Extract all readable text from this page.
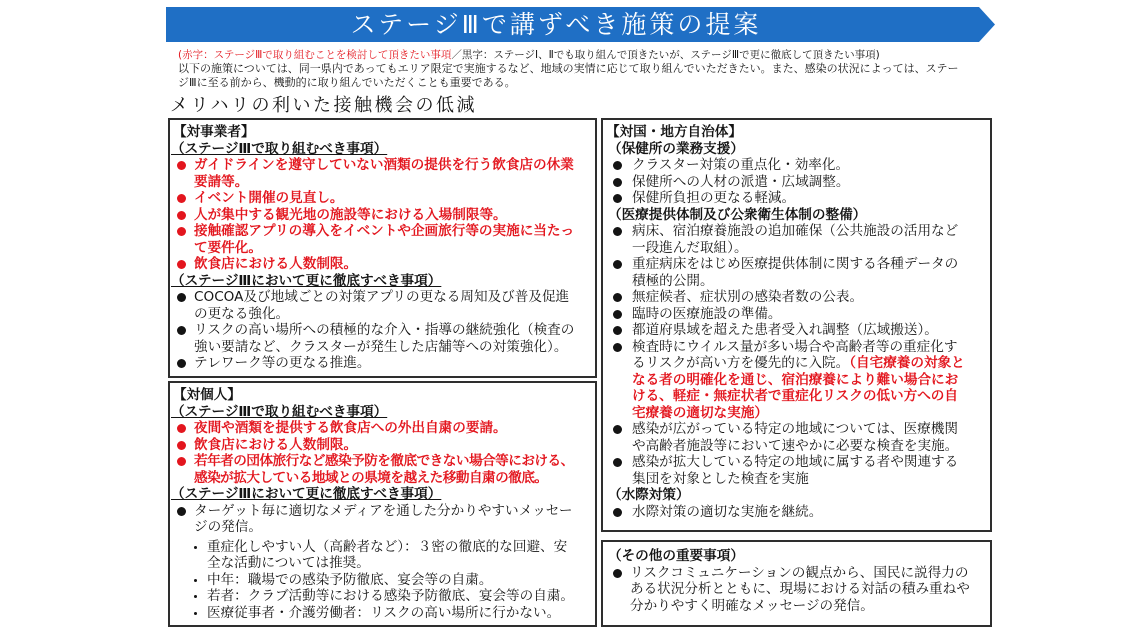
ステージⅢで講ずべき施策の提案
(赤字：ステージⅢで取り組むことを検討して頂きたい事項／黒字：ステージⅠ、Ⅱでも取り組んで頂きたいが、ステージⅢで更に徹底して頂きたい事項)
以下の施策については、同一県内であってもエリア限定で実施するなど、地域の実情に応じて取り組んでいただきたい。また、感染の状況によっては、ステージⅢに至る前から、機動的に取り組んでいただくことも重要である。
メリハリの利いた接触機会の低減
【対事業者】
（ステージⅢで取り組むべき事項）
ガイドラインを遵守していない酒類の提供を行う飲食店の休業要請等。
イベント開催の見直し。
人が集中する観光地の施設等における入場制限等。
接触確認アプリの導入をイベントや企画旅行等の実施に当たって要件化。
飲食店における人数制限。
（ステージⅢにおいて更に徹底すべき事項）
COCOA及び地域ごとの対策アプリの更なる周知及び普及促進の更なる強化。
リスクの高い場所への積極的な介入・指導の継続強化（検査の強い要請など、クラスターが発生した店舗等への対策強化）。
テレワーク等の更なる推進。
【対個人】
（ステージⅢで取り組むべき事項）
夜間や酒類を提供する飲食店への外出自粛の要請。
飲食店における人数制限。
若年者の団体旅行など感染予防を徹底できない場合等における、感染が拡大している地域との県境を越えた移動自粛の徹底。
（ステージⅢにおいて更に徹底すべき事項）
ターゲット毎に適切なメディアを通した分かりやすいメッセージの発信。
重症化しやすい人（高齢者など）：３密の徹底的な回避、安全な活動については推奨。
中年：職場での感染予防徹底、宴会等の自粛。
若者：クラブ活動等における感染予防徹底、宴会等の自粛。
医療従事者・介護労働者：リスクの高い場所に行かない。
【対国・地方自治体】
（保健所の業務支援）
クラスター対策の重点化・効率化。
保健所への人材の派遣・広域調整。
保健所負担の更なる軽減。
（医療提供体制及び公衆衛生体制の整備）
病床、宿泊療養施設の追加確保（公共施設の活用など一段進んだ取組）。
重症病床をはじめ医療提供体制に関する各種データの積極的公開。
無症候者、症状別の感染者数の公表。
臨時の医療施設の準備。
都道府県域を超えた患者受入れ調整（広域搬送）。
検査時にウイルス量が多い場合や高齢者等の重症化するリスクが高い方を優先的に入院。（自宅療養の対象となる者の明確化を通じ、宿泊療養により難い場合における、軽症・無症状者で重症化リスクの低い方への自宅療養の適切な実施）
感染が広がっている特定の地域については、医療機関や高齢者施設等において速やかに必要な検査を実施。
感染が拡大している特定の地域に属する者や関連する集団を対象とした検査を実施
（水際対策）
水際対策の適切な実施を継続。
（その他の重要事項）
リスクコミュニケーションの観点から、国民に説得力のある状況分析とともに、現場における対話の積み重ねや分かりやすく明確なメッセージの発信。
